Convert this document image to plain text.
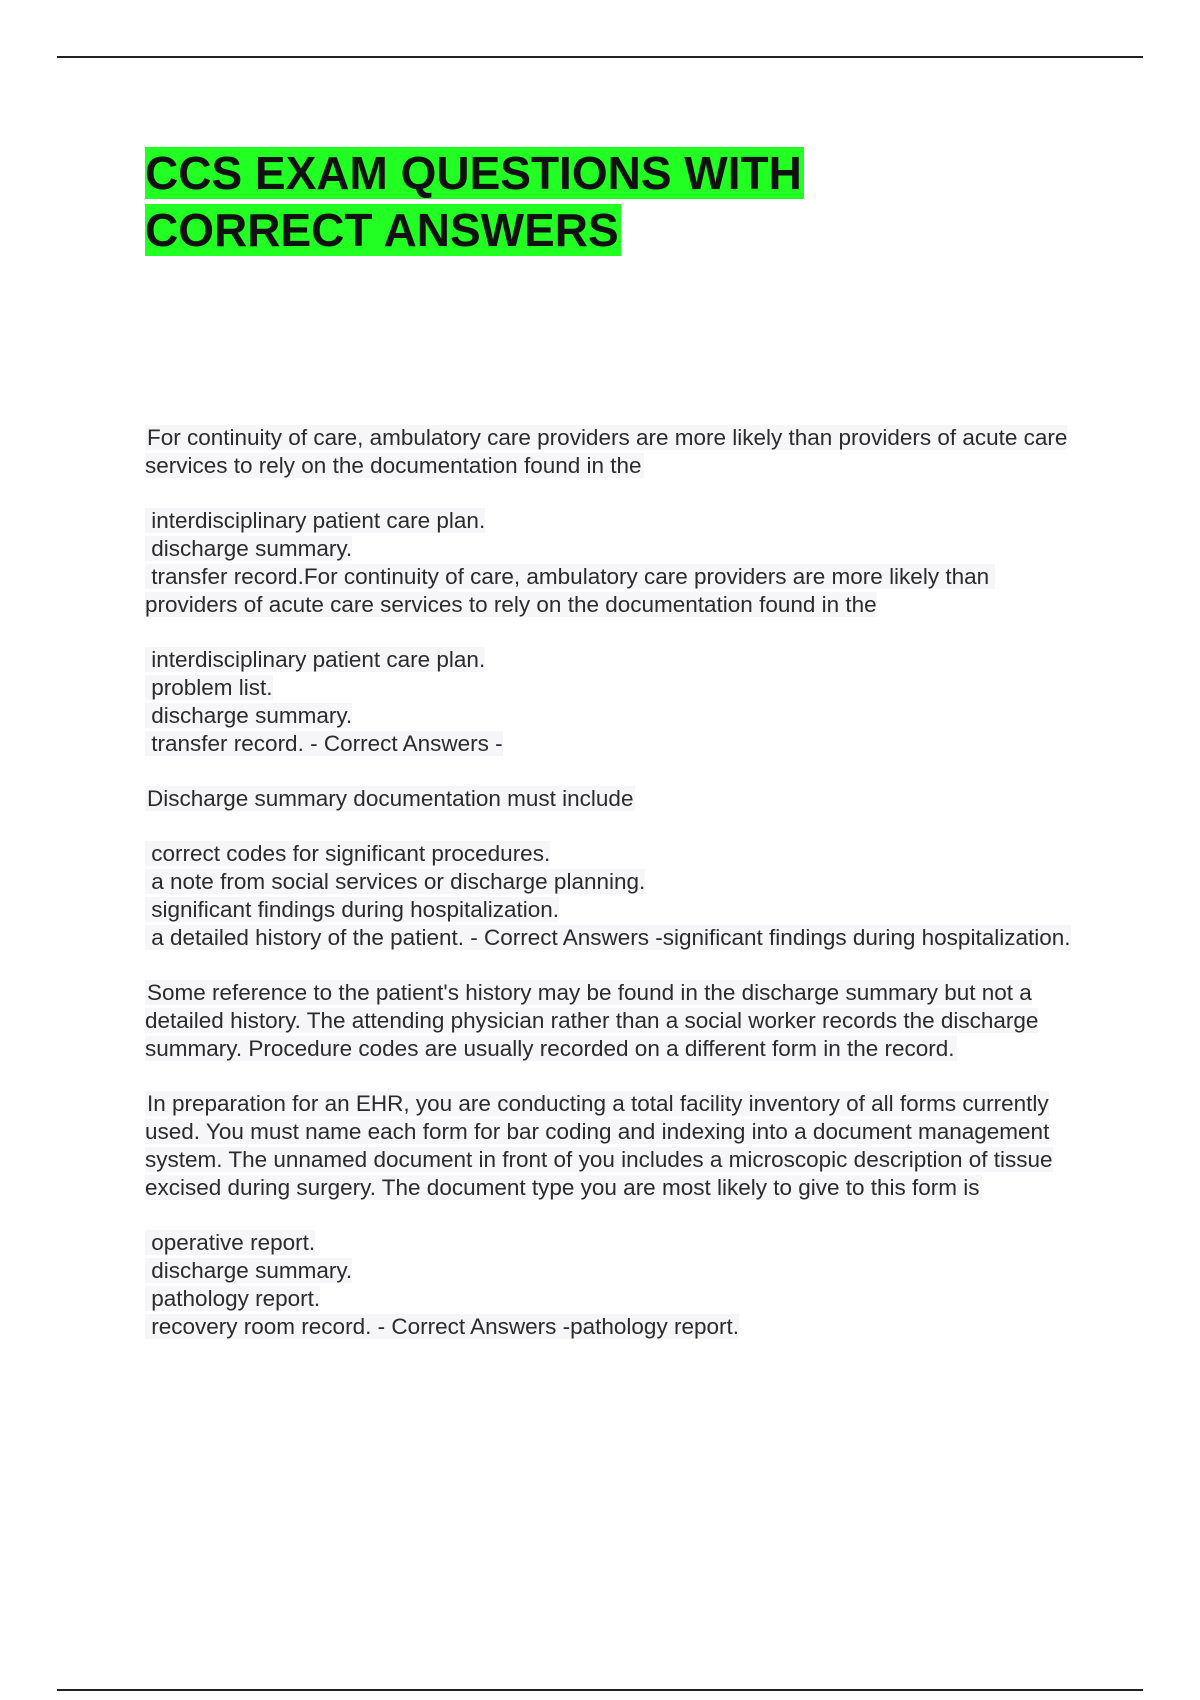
CCS EXAM QUESTIONS WITH
CORRECT ANSWERS
For continuity of care, ambulatory care providers are more likely than providers of acute care services to rely on the documentation found in the
interdisciplinary patient care plan.
discharge summary.
transfer record.For continuity of care, ambulatory care providers are more likely than providers of acute care services to rely on the documentation found in the
interdisciplinary patient care plan.
problem list.
discharge summary.
transfer record. - Correct Answers -
Discharge summary documentation must include
correct codes for significant procedures.
a note from social services or discharge planning.
significant findings during hospitalization.
a detailed history of the patient. - Correct Answers -significant findings during hospitalization.
Some reference to the patient's history may be found in the discharge summary but not a detailed history. The attending physician rather than a social worker records the discharge summary. Procedure codes are usually recorded on a different form in the record.
In preparation for an EHR, you are conducting a total facility inventory of all forms currently used. You must name each form for bar coding and indexing into a document management system. The unnamed document in front of you includes a microscopic description of tissue excised during surgery. The document type you are most likely to give to this form is
operative report.
discharge summary.
pathology report.
recovery room record. - Correct Answers -pathology report.
